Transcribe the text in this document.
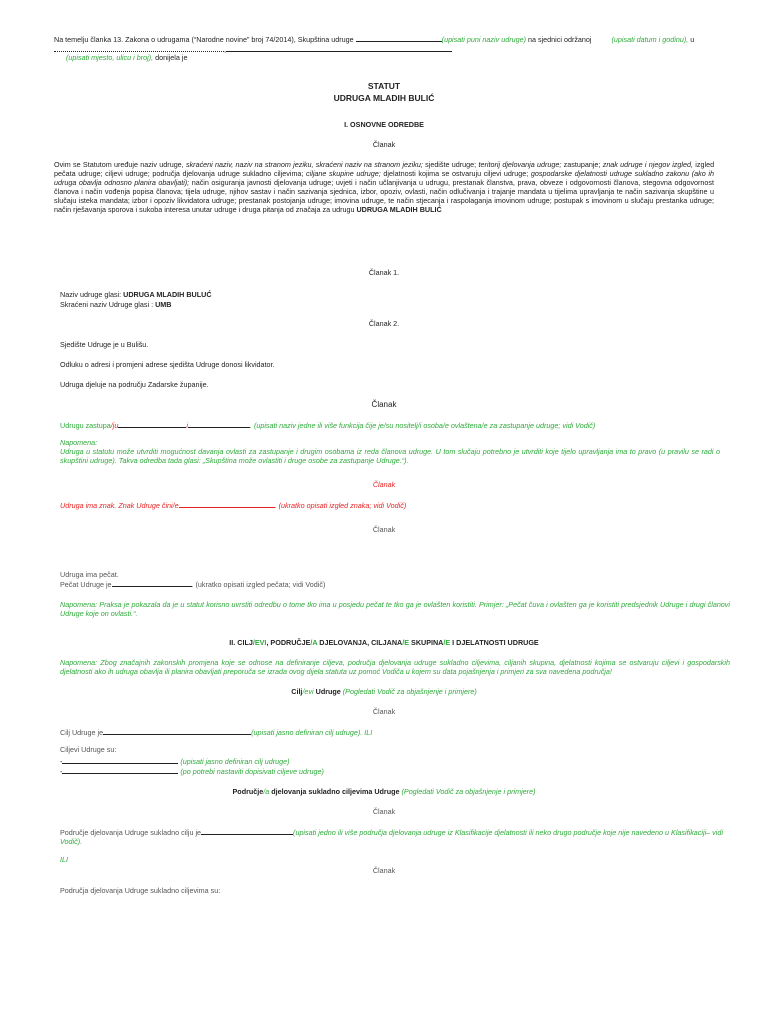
Na temelju članka 13. Zakona o udrugama (“Narodne novine” broj 74/2014), Skupština udruge	(upisati puni naziv udruge) na sjednici održanoj	(upisati datum i godinu), u,
(upisati mjesto, ulicu i broj), donijela je
STATUT
UDRUGA MLADIH BULIĆ
I. OSNOVNE ODREDBE
Članak
Ovim se Statutom uređuje naziv udruge, skraćeni naziv, naziv na stranom jeziku, skraćeni naziv na stranom jeziku; sjedište udruge; teritorij djelovanja udruge; zastupanje; znak udruge i njegov izgled, izgled pečata udruge; ciljevi udruge; područja djelovanja udruge sukladno ciljevima; ciljane skupine udruge; djelatnosti kojima se ostvaruju ciljevi udruge; gospodarske djelatnosti udruge sukladno zakonu (ako ih udruga obavlja odnosno planira obavljati); način osiguranja javnosti djelovanja udruge; uvjeti i način učlanjivanja u udrugu, prestanak članstva, prava, obveze i odgovornosti članova, stegovna odgovornost članova i način vođenja popisa članova; tijela udruge, njihov sastav i način sazivanja sjednica, izbor, opoziv, ovlasti, način odlučivanja i trajanje mandata u tijelima upravljanja te način sazivanja skupštine u slučaju isteka mandata; izbor i opoziv likvidatora udruge; prestanak postojanja udruge; imovina udruge, te način stjecanja i raspolaganja imovinom udruge; postupak s imovinom u slučaju prestanka udruge; način rješavanja sporova i sukoba interesa unutar udruge i druga pitanja od značaja za udrugu UDRUGA MLADIH BULIĆ
Članak 1.
Naziv udruge glasi: UDRUGA MLADIH BULUĆ
Skraćeni naziv Udruge glasi : UMB
Članak 2.
Sjedište Udruge je u Bulišu.
Odluku o adresi i promjeni adrese sjedišta Udruge donosi likvidator.
Udruga djeluje na području Zadarske županije.
Članak
Udrugu zastupa/ju	i	. (upisati naziv jedne ili više funkcija čije je/su nositelj/i osoba/e ovlaštena/e za zastupanje udruge; vidi Vodič)
Napomena:
Udruga u statutu može utvrditi mogućnost davanja ovlasti za zastupanje i drugim osobama iz reda članova udruge. U tom slučaju potrebno je utvrditi koje tijelo upravljanja ima to pravo (u pravilu se radi o skupštini udruge). Takva odredba tada glasi: „Skupština može ovlastiti i druge osobe za zastupanje Udruge.“).
Članak
Udruga ima znak. Znak Udruge čini/e	. (ukratko opisati izgled znaka; vidi Vodič)
Članak
Udruga ima pečat.
Pečat Udruge je	. (ukratko opisati izgled pečata; vidi Vodič)
Napomena: Praksa je pokazala da je u statut korisno uvrstiti odredbu o tome tko ima u posjedu pečat te tko ga je ovlašten koristiti. Primjer: „Pečat čuva i ovlašten ga je koristiti predsjednik Udruge i drugi članovi Udruge koje on ovlasti.“.
II. CILJ/EVI, PODRUČJE/A DJELOVANJA, CILJANA/E SKUPINA/E I DJELATNOSTI UDRUGE
Napomena: Zbog značajnih zakonskih promjena koje se odnose na definiranje ciljeva, područja djelovanja udruge sukladno ciljevima, ciljanih skupina, djelatnosti kojima se ostvaruju ciljevi i gospodarskih djelatnosti ako ih udruga obavlja ili planira obavljati preporuča se izrada ovog dijela statuta uz pomoć Vodiča u kojem su data pojašnjenja i primjeri za sva navedena područja!
Cilj/evi Udruge (Pogledati Vodič za objašnjenje i primjere)
Članak
Cilj Udruge je	(upisati jasno definiran cilj udruge). ILI
Ciljevi Udruge su:
-	(upisati jasno definiran cilj udruge)
-	(po potrebi nastaviti dopisivati ciljeve udruge)
Područje/a djelovanja sukladno ciljevima Udruge (Pogledati Vodič za objašnjenje i primjere)
Članak
Područje djelovanja Udruge sukladno cilju je	(upisati jedno ili više područja djelovanja udruge iz Klasifikacije djelatnosti ili neko drugo područje koje nije navedeno u Klasifikaciji– vidi Vodič).
ILI
Članak
Područja djelovanja Udruge sukladno ciljevima su:
